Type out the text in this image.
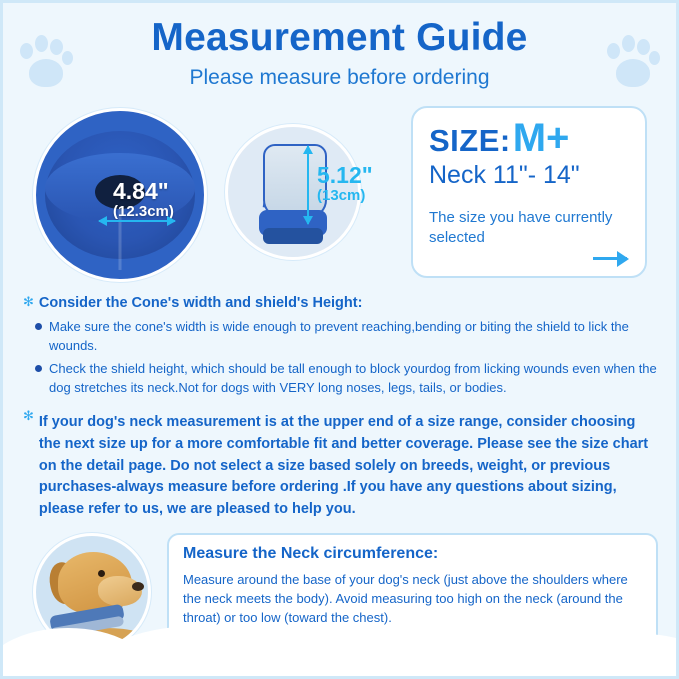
Measurement Guide
Please measure before ordering
4.84"
(12.3cm)
5.12"
(13cm)
SIZE: M+
Neck 11"- 14"
The size you have currently selected
✻ Consider the Cone's width and shield's Height:
Make sure the cone's width is wide enough to prevent reaching,bending or biting the shield to lick the wounds.
Check the shield height, which should be tall enough to block yourdog from licking wounds even when the dog stretches its neck.Not for dogs with VERY long noses, legs, tails, or bodies.
✻ If your dog's neck measurement is at the upper end of a size range, consider choosing the next size up for a more comfortable fit and better coverage. Please see the size chart on the detail page. Do not select a size based solely on breeds, weight, or previous purchases-always measure before ordering .If you have any questions about sizing, please refer to us, we are pleased to help you.
Measure the Neck circumference:

Measure around the base of your dog's neck (just above the shoulders where the neck meets the body). Avoid measuring too high on the neck (around the throat) or too low (toward the chest).
